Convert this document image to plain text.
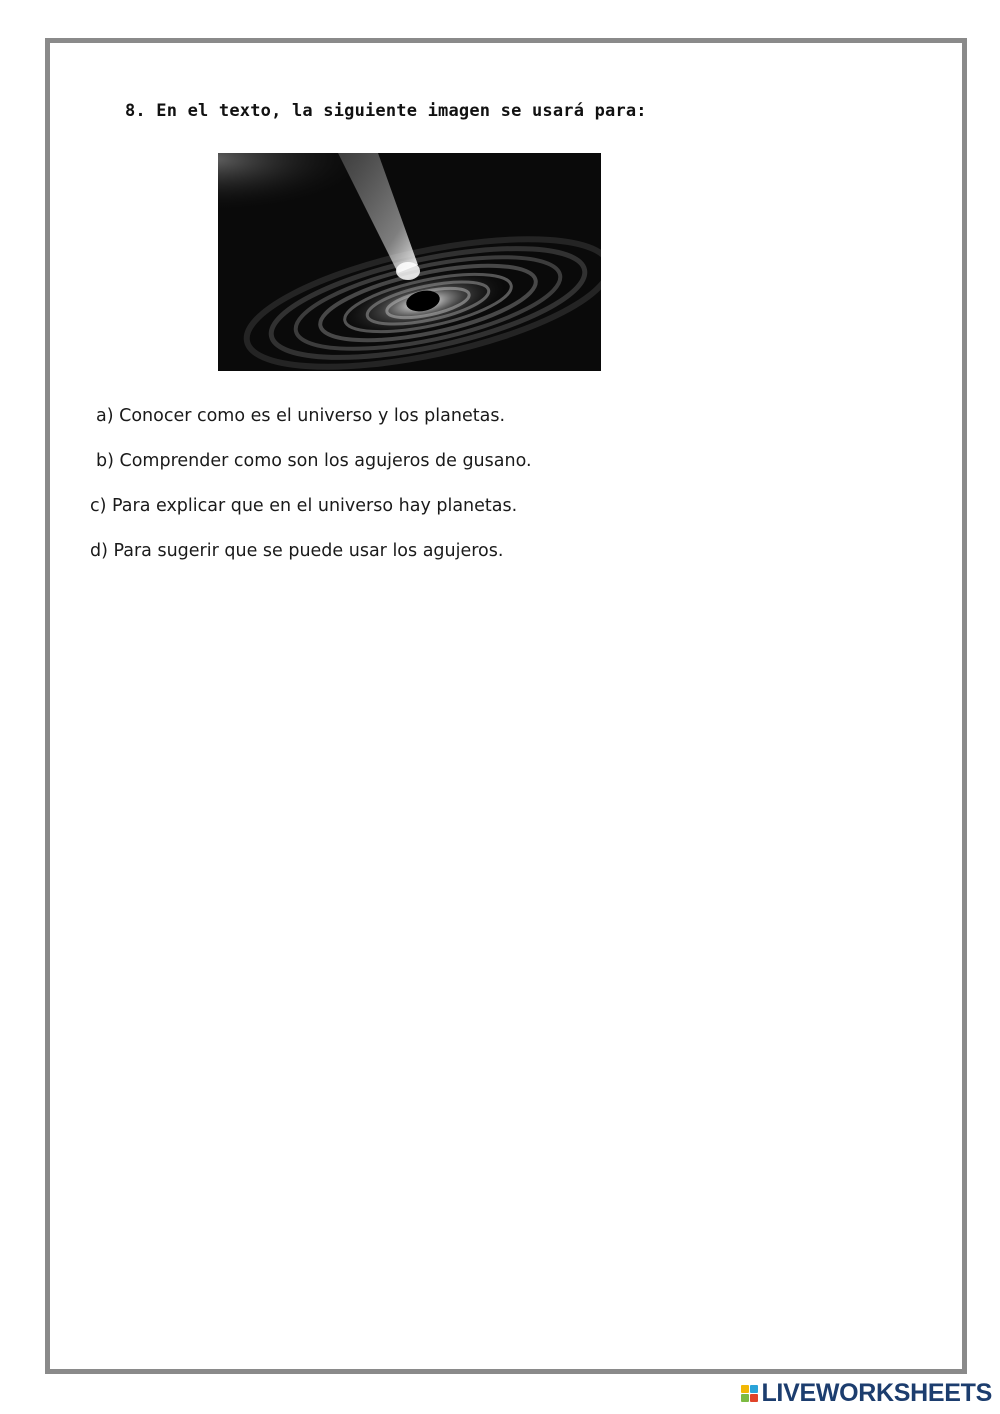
8. En el texto, la siguiente imagen se usará para:
a) Conocer como es el universo y los planetas.
b) Comprender como son los agujeros de gusano.
c) Para explicar que en el universo hay planetas.
d) Para sugerir que se puede usar los agujeros.
LIVEWORKSHEETS
